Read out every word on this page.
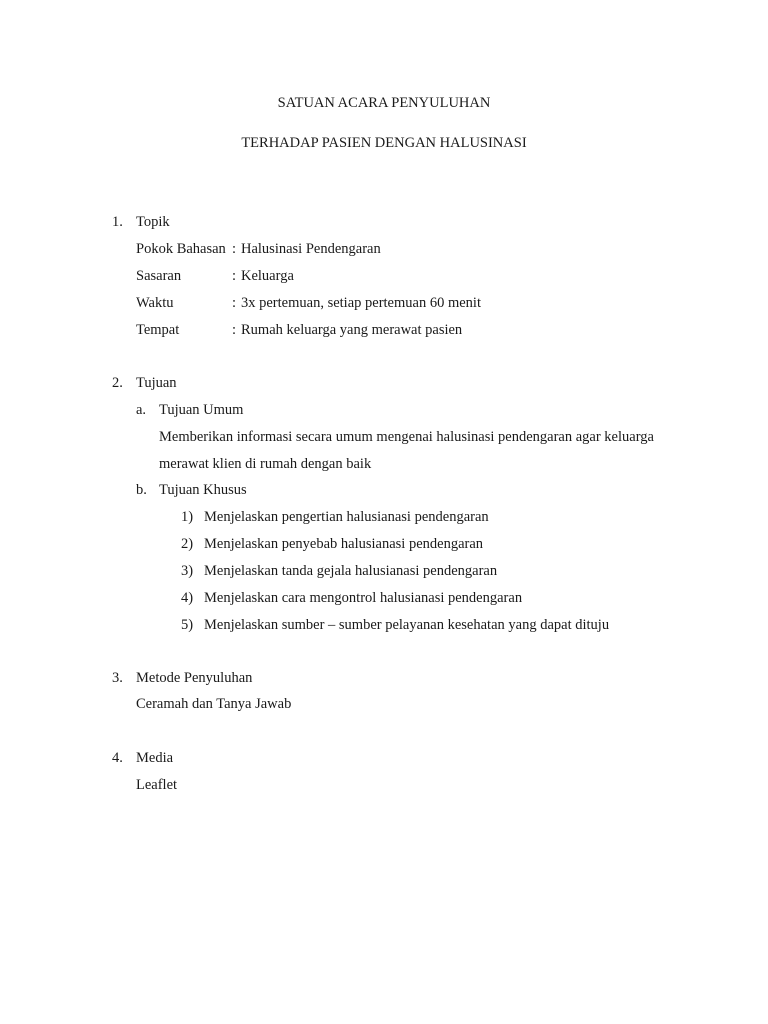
SATUAN ACARA PENYULUHAN
TERHADAP PASIEN DENGAN HALUSINASI
1. Topik
Pokok Bahasan : Halusinasi Pendengaran
Sasaran	: Keluarga
Waktu	: 3x pertemuan, setiap pertemuan 60 menit
Tempat	: Rumah keluarga yang merawat pasien
2. Tujuan
a. Tujuan Umum
Memberikan informasi secara umum mengenai halusinasi pendengaran agar keluarga
merawat klien di rumah dengan baik
b. Tujuan Khusus
1) Menjelaskan pengertian halusianasi pendengaran
2) Menjelaskan penyebab halusianasi pendengaran
3) Menjelaskan tanda gejala halusianasi pendengaran
4) Menjelaskan cara mengontrol halusianasi pendengaran
5) Menjelaskan sumber – sumber pelayanan kesehatan yang dapat dituju
3. Metode Penyuluhan
Ceramah dan Tanya Jawab
4. Media
Leaflet
